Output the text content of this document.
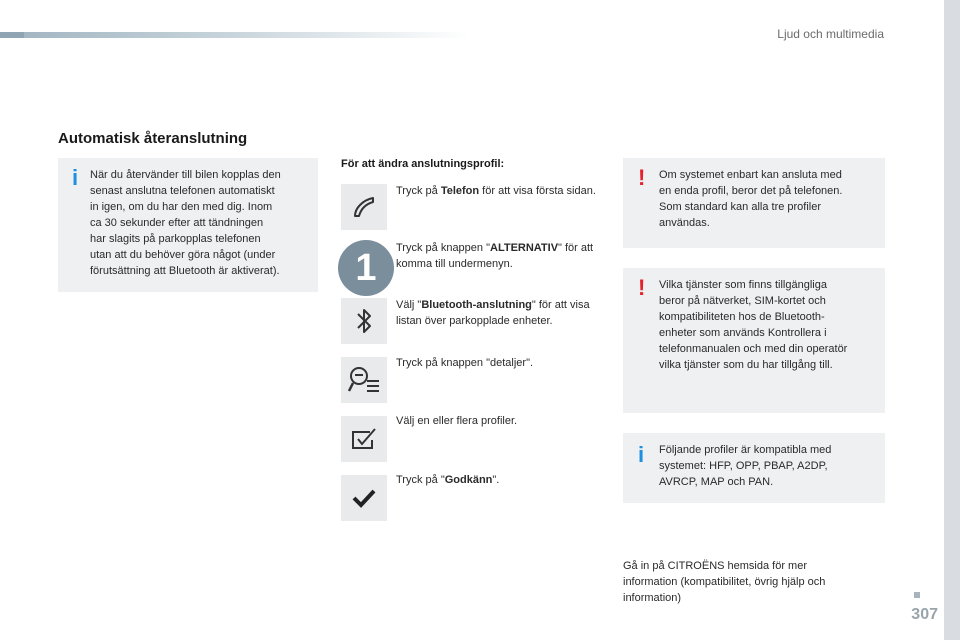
Ljud och multimedia
Automatisk återanslutning
i När du återvänder till bilen kopplas den

senast anslutna telefonen automatiskt

in igen, om du har den med dig. Inom

ca 30 sekunder efter att tändningen

har slagits på parkopplas telefonen

utan att du behöver göra något (under

förutsättning att Bluetooth är aktiverat).

För att ändra anslutningsprofil:
1
Tryck på Telefon för att visa första sidan.
Tryck på knappen "ALTERNATIV" för att komma till undermenyn.
Välj "Bluetooth-anslutning" för att visa listan över parkopplade enheter.
Tryck på knappen "detaljer".
Välj en eller flera profiler.
Tryck på "Godkänn".
! Om systemet enbart kan ansluta med

en enda profil, beror det på telefonen.

Som standard kan alla tre profiler

användas.

! Vilka tjänster som finns tillgängliga

beror på nätverket, SIM-kortet och

kompatibiliteten hos de Bluetooth-

enheter som används Kontrollera i

telefonmanualen och med din operatör

vilka tjänster som du har tillgång till.

i Följande profiler är kompatibla med

systemet: HFP, OPP, PBAP, A2DP,

AVRCP, MAP och PAN.

Gå in på CITROËNS hemsida för mer
information (kompatibilitet, övrig hjälp och
information)
307
